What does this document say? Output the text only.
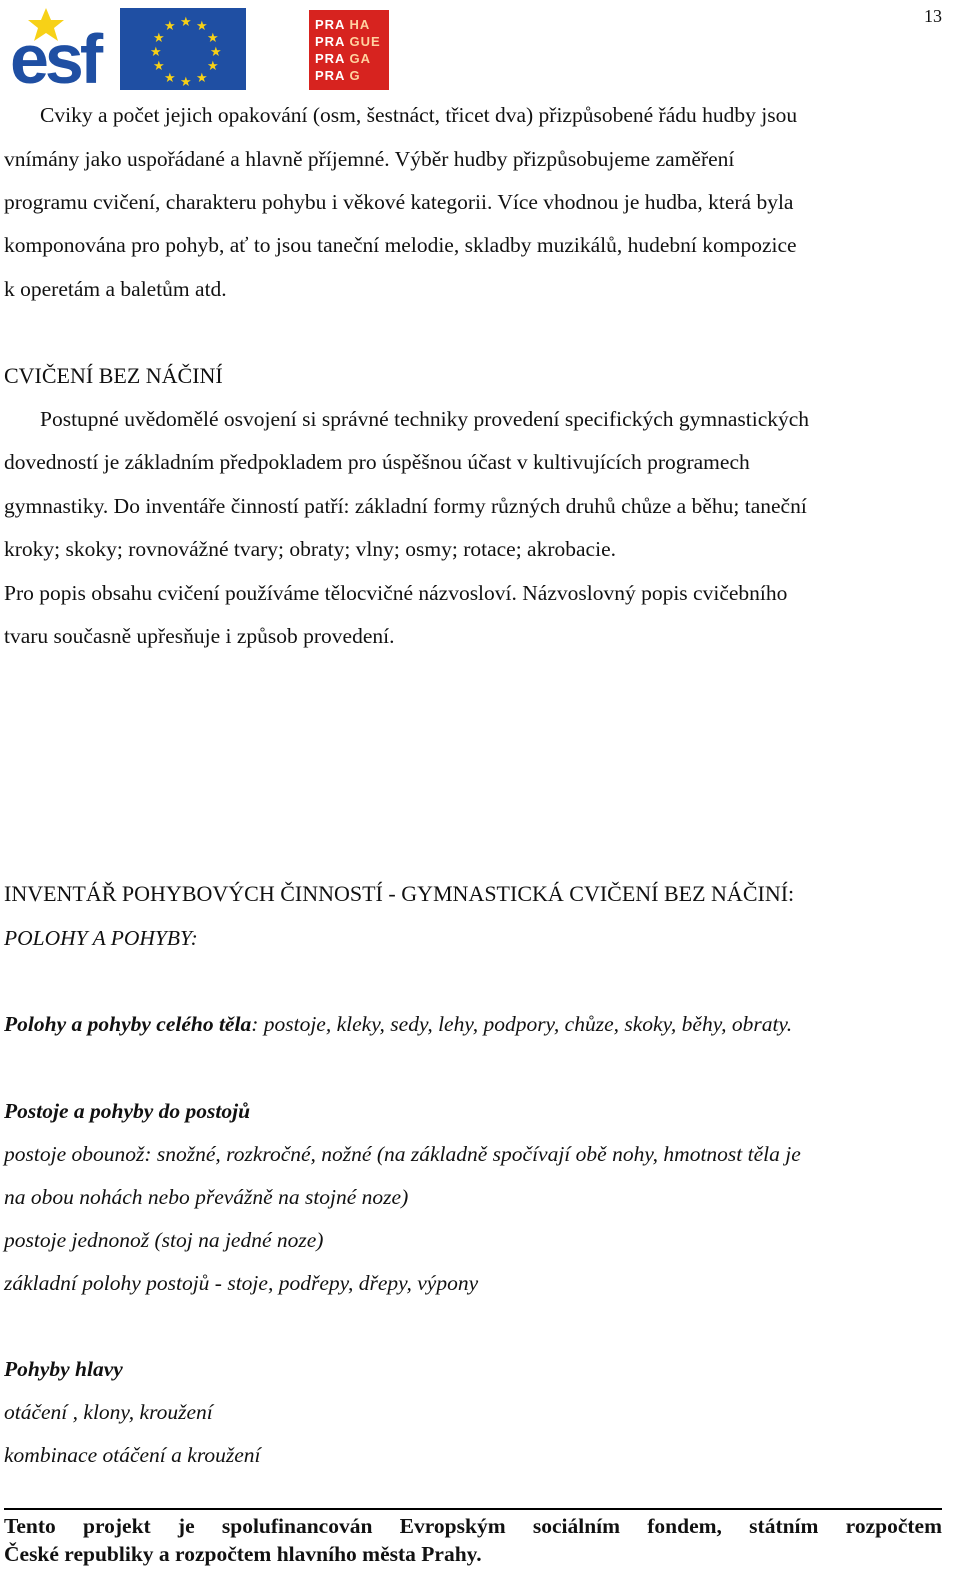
13
esf	★ ★
★
★
★
★
★
★
★
★
★
★	PRA HA
PRA GUE
PRA GA
PRA G
Cviky a počet jejich opakování (osm, šestnáct, třicet dva) přizpůsobené řádu hudby jsou
vnímány jako uspořádané a hlavně příjemné. Výběr hudby přizpůsobujeme zaměření
programu cvičení, charakteru pohybu i věkové kategorii. Více vhodnou je hudba, která byla
komponována pro pohyb, ať to jsou taneční melodie, skladby muzikálů, hudební kompozice
k operetám a baletům atd.
CVIČENÍ BEZ NÁČINÍ
Postupné uvědomělé osvojení si správné techniky provedení specifických gymnastických
dovedností je základním předpokladem pro úspěšnou účast v kultivujících programech
gymnastiky. Do inventáře činností patří: základní formy různých druhů chůze a běhu; taneční
kroky; skoky; rovnovážné tvary; obraty; vlny; osmy; rotace; akrobacie.
Pro popis obsahu cvičení používáme tělocvičné názvosloví. Názvoslovný popis cvičebního
tvaru současně upřesňuje i způsob provedení.
INVENTÁŘ POHYBOVÝCH ČINNOSTÍ - GYMNASTICKÁ CVIČENÍ BEZ NÁČINÍ:
POLOHY A POHYBY:
Polohy a pohyby celého těla: postoje, kleky, sedy, lehy, podpory, chůze, skoky, běhy, obraty.
Postoje a pohyby do postojů
postoje obounož: snožné, rozkročné, nožné (na základně spočívají obě nohy, hmotnost těla je
na obou nohách nebo převážně na stojné noze)
postoje jednonož (stoj na jedné noze)
základní polohy postojů - stoje, podřepy, dřepy, výpony
Pohyby hlavy
otáčení , klony, kroužení
kombinace otáčení a kroužení
Tento projekt je spolufinancován Evropským sociálním fondem, státním rozpočtem
České republiky a rozpočtem hlavního města Prahy.
